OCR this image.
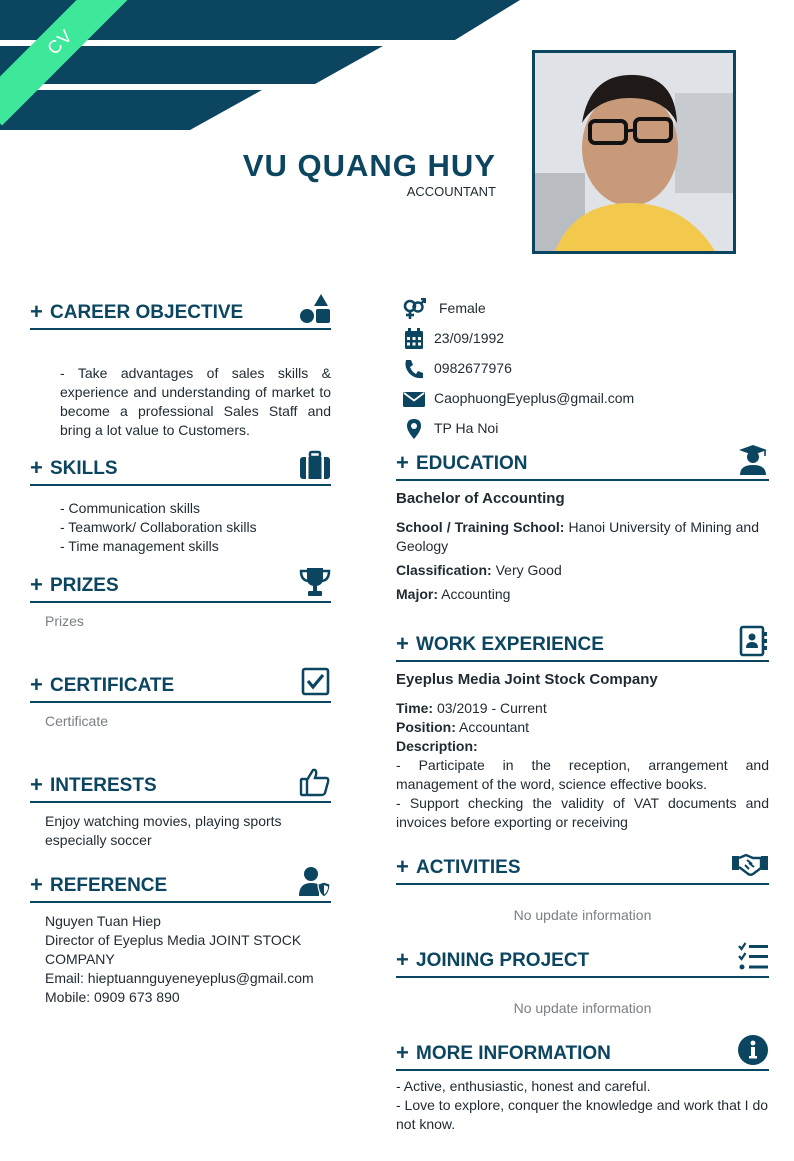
CV
VU QUANG HUY
ACCOUNTANT
Female
23/09/1992
0982677976
CaophuongEyeplus@gmail.com
TP Ha Noi
+ CAREER OBJECTIVE
- Take advantages of sales skills & experience and understanding of market to become a professional Sales Staff and bring a lot value to Customers.
+ SKILLS
- Communication skills
- Teamwork/ Collaboration skills
- Time management skills
+ PRIZES
Prizes
+ CERTIFICATE
Certificate
+ INTERESTS
Enjoy watching movies, playing sports especially soccer
+ REFERENCE
Nguyen Tuan Hiep
Director of Eyeplus Media JOINT STOCK COMPANY
Email: hieptuannguyeneyeplus@gmail.com
Mobile: 0909 673 890
+ EDUCATION
Bachelor of Accounting
School / Training School: Hanoi University of Mining and Geology
Classification: Very Good
Major: Accounting
+ WORK EXPERIENCE
Eyeplus Media Joint Stock Company
Time: 03/2019 - Current
Position: Accountant
Description:
- Participate in the reception, arrangement and management of the word, science effective books.
- Support checking the validity of VAT documents and invoices before exporting or receiving
+ ACTIVITIES
No update information
+ JOINING PROJECT
No update information
+ MORE INFORMATION
- Active, enthusiastic, honest and careful.
- Love to explore, conquer the knowledge and work that I do not know.
